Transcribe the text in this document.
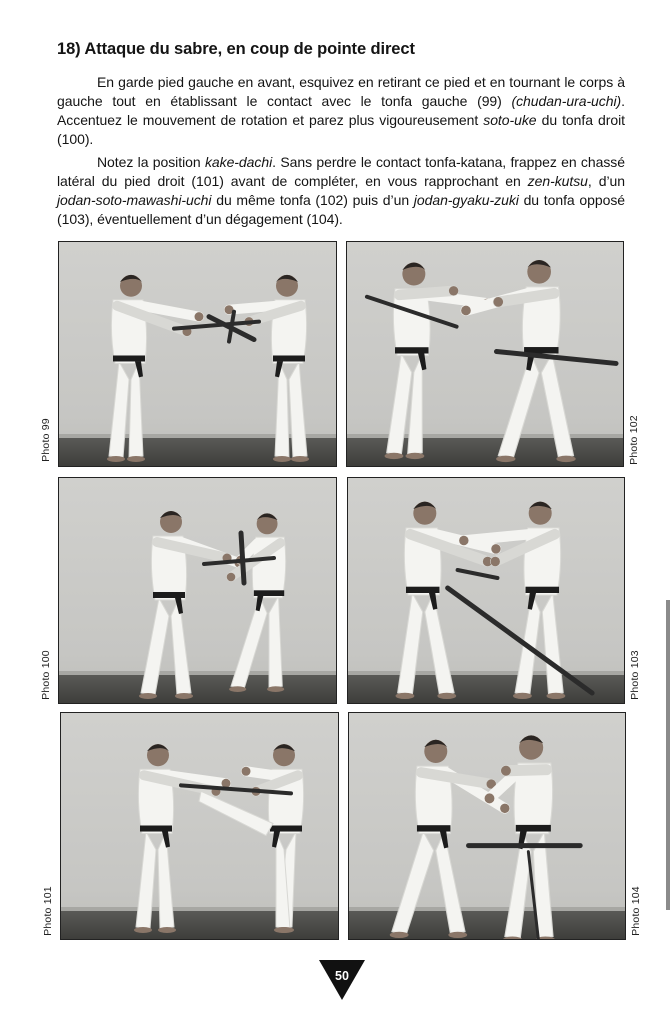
18) Attaque du sabre, en coup de pointe direct
En garde pied gauche en avant, esquivez en retirant ce pied et en tournant le corps à gauche tout en établissant le contact avec le tonfa gauche (99) (chudan-ura-uchi). Accentuez le mouvement de rotation et parez plus vigoureusement soto-uke du tonfa droit (100).
Notez la position kake-dachi. Sans perdre le contact tonfa-katana, frappez en chassé latéral du pied droit (101) avant de compléter, en vous rapprochant en zen-kutsu, d’un jodan-soto-mawashi-uchi du même tonfa (102) puis d’un jodan-gyaku-zuki du tonfa opposé (103), éventuellement d’un dégagement (104).
Photo 99
Photo 100
Photo 101
Photo 102
Photo 103
Photo 104
50
